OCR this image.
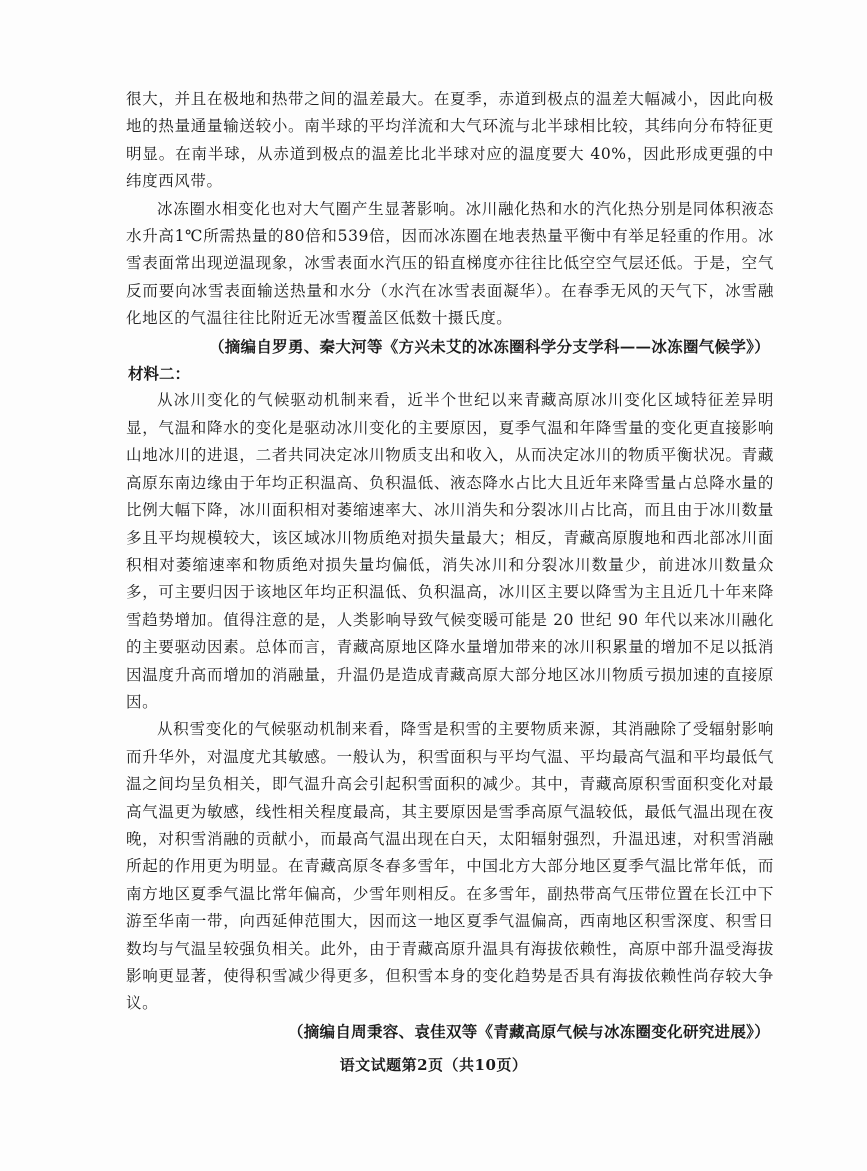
很大，并且在极地和热带之间的温差最大。在夏季，赤道到极点的温差大幅减小，因此向极地的热量通量输送较小。南半球的平均洋流和大气环流与北半球相比较，其纬向分布特征更明显。在南半球，从赤道到极点的温差比北半球对应的温度要大 40%，因此形成更强的中纬度西风带。

冰冻圈水相变化也对大气圈产生显著影响。冰川融化热和水的汽化热分别是同体积液态水升高1℃所需热量的80倍和539倍，因而冰冻圈在地表热量平衡中有举足轻重的作用。冰雪表面常出现逆温现象，冰雪表面水汽压的铅直梯度亦往往比低空空气层还低。于是，空气反而要向冰雪表面输送热量和水分（水汽在冰雪表面凝华）。在春季无风的天气下，冰雪融化地区的气温往往比附近无冰雪覆盖区低数十摄氏度。

（摘编自罗勇、秦大河等《方兴未艾的冰冻圈科学分支学科——冰冻圈气候学》）

材料二：

从冰川变化的气候驱动机制来看，近半个世纪以来青藏高原冰川变化区域特征差异明显，气温和降水的变化是驱动冰川变化的主要原因，夏季气温和年降雪量的变化更直接影响山地冰川的进退，二者共同决定冰川物质支出和收入，从而决定冰川的物质平衡状况。青藏高原东南边缘由于年均正积温高、负积温低、液态降水占比大且近年来降雪量占总降水量的比例大幅下降，冰川面积相对萎缩速率大、冰川消失和分裂冰川占比高，而且由于冰川数量多且平均规模较大，该区域冰川物质绝对损失量最大；相反，青藏高原腹地和西北部冰川面积相对萎缩速率和物质绝对损失量均偏低，消失冰川和分裂冰川数量少，前进冰川数量众多，可主要归因于该地区年均正积温低、负积温高，冰川区主要以降雪为主且近几十年来降雪趋势增加。值得注意的是，人类影响导致气候变暖可能是 20 世纪 90 年代以来冰川融化的主要驱动因素。总体而言，青藏高原地区降水量增加带来的冰川积累量的增加不足以抵消因温度升高而增加的消融量，升温仍是造成青藏高原大部分地区冰川物质亏损加速的直接原因。

从积雪变化的气候驱动机制来看，降雪是积雪的主要物质来源，其消融除了受辐射影响而升华外，对温度尤其敏感。一般认为，积雪面积与平均气温、平均最高气温和平均最低气温之间均呈负相关，即气温升高会引起积雪面积的减少。其中，青藏高原积雪面积变化对最高气温更为敏感，线性相关程度最高，其主要原因是雪季高原气温较低，最低气温出现在夜晚，对积雪消融的贡献小，而最高气温出现在白天，太阳辐射强烈，升温迅速，对积雪消融所起的作用更为明显。在青藏高原冬春多雪年，中国北方大部分地区夏季气温比常年低，而南方地区夏季气温比常年偏高，少雪年则相反。在多雪年，副热带高气压带位置在长江中下游至华南一带，向西延伸范围大，因而这一地区夏季气温偏高，西南地区积雪深度、积雪日数均与气温呈较强负相关。此外，由于青藏高原升温具有海拔依赖性，高原中部升温受海拔影响更显著，使得积雪减少得更多，但积雪本身的变化趋势是否具有海拔依赖性尚存较大争议。

（摘编自周秉容、袁佳双等《青藏高原气候与冰冻圈变化研究进展》）

语文试题第2页（共10页）
